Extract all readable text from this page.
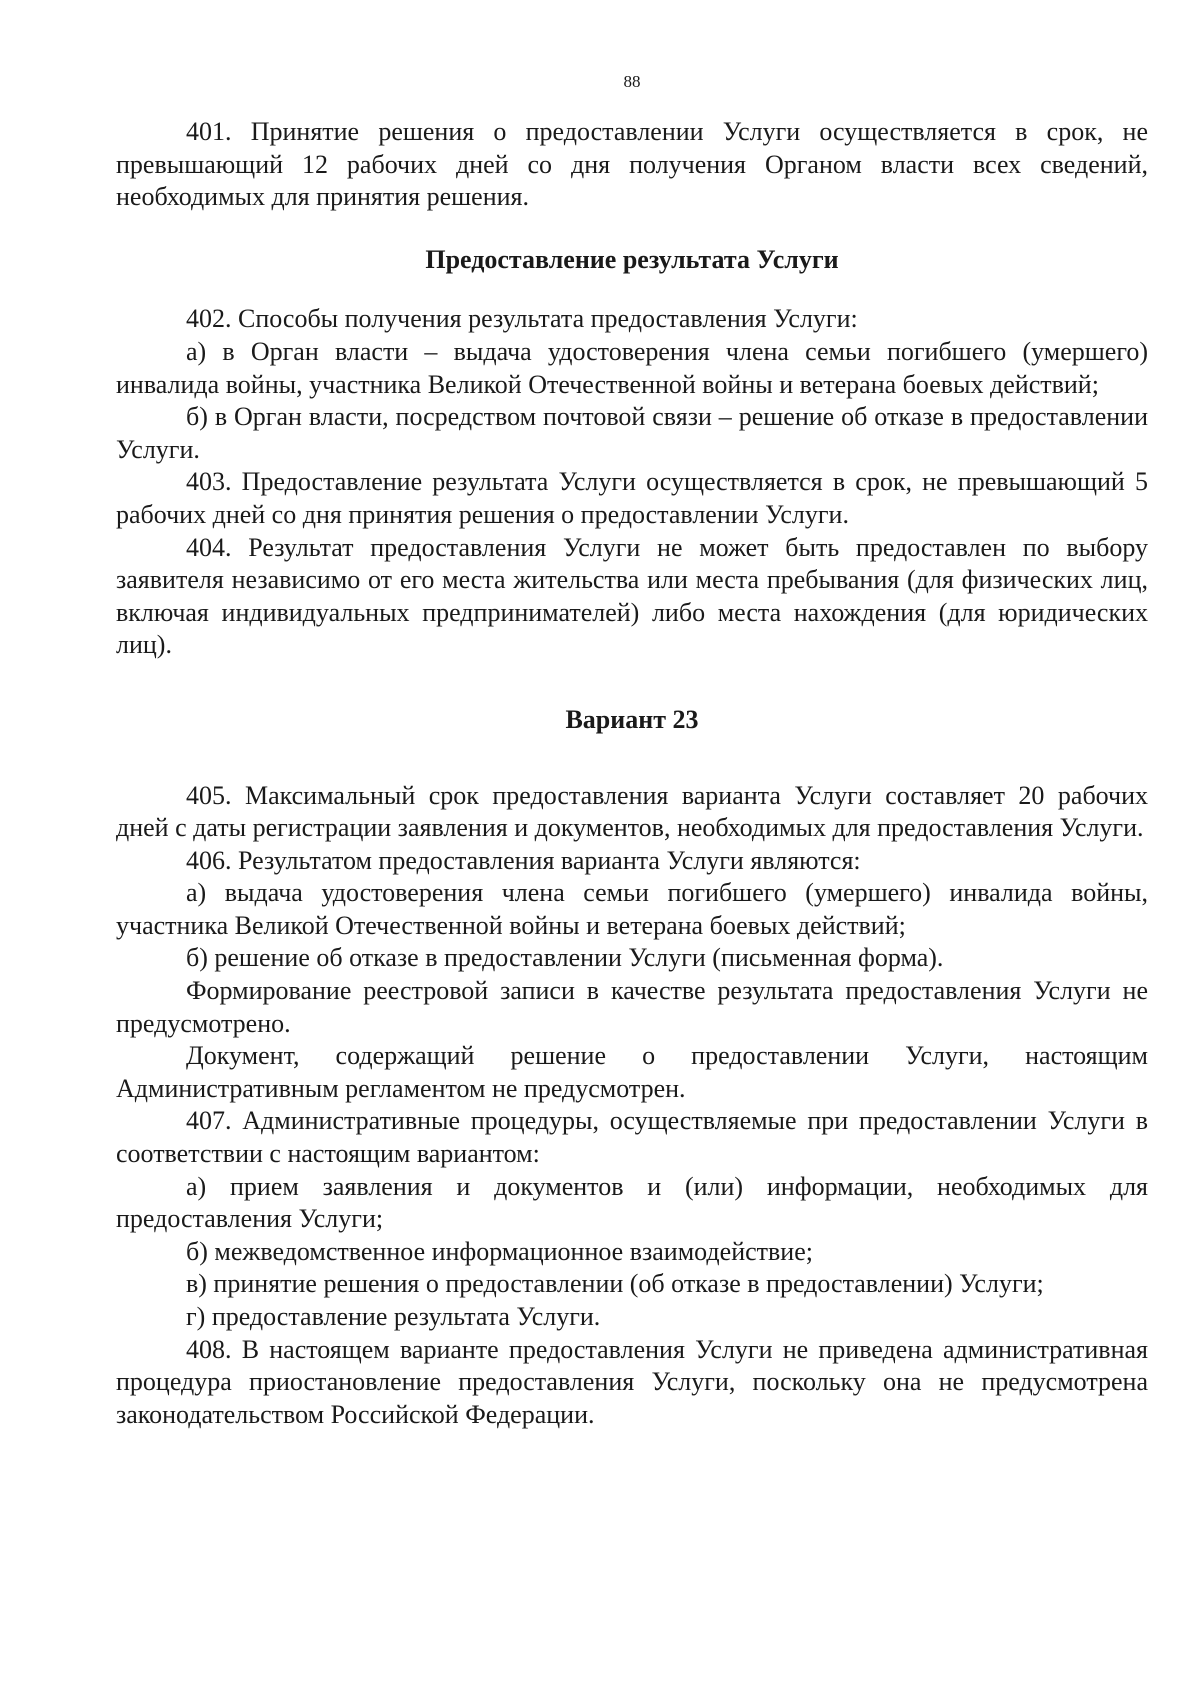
88

401. Принятие решения о предоставлении Услуги осуществляется в срок, не превышающий 12 рабочих дней со дня получения Органом власти всех сведений, необходимых для принятия решения.

Предоставление результата Услуги

402. Способы получения результата предоставления Услуги:

а) в Орган власти – выдача удостоверения члена семьи погибшего (умершего) инвалида войны, участника Великой Отечественной войны и ветерана боевых действий;

б) в Орган власти, посредством почтовой связи – решение об отказе в предоставлении Услуги.

403. Предоставление результата Услуги осуществляется в срок, не превышающий 5 рабочих дней со дня принятия решения о предоставлении Услуги.

404. Результат предоставления Услуги не может быть предоставлен по выбору заявителя независимо от его места жительства или места пребывания (для физических лиц, включая индивидуальных предпринимателей) либо места нахождения (для юридических лиц).

Вариант 23

405. Максимальный срок предоставления варианта Услуги составляет 20 рабочих дней с даты регистрации заявления и документов, необходимых для предоставления Услуги.

406. Результатом предоставления варианта Услуги являются:

а) выдача удостоверения члена семьи погибшего (умершего) инвалида войны, участника Великой Отечественной войны и ветерана боевых действий;

б) решение об отказе в предоставлении Услуги (письменная форма).

Формирование реестровой записи в качестве результата предоставления Услуги не предусмотрено.

Документ, содержащий решение о предоставлении Услуги, настоящим Административным регламентом не предусмотрен.

407. Административные процедуры, осуществляемые при предоставлении Услуги в соответствии с настоящим вариантом:

а) прием заявления и документов и (или) информации, необходимых для предоставления Услуги;

б) межведомственное информационное взаимодействие;

в) принятие решения о предоставлении (об отказе в предоставлении) Услуги;

г) предоставление результата Услуги.

408. В настоящем варианте предоставления Услуги не приведена административная процедура приостановление предоставления Услуги, поскольку она не предусмотрена законодательством Российской Федерации.
